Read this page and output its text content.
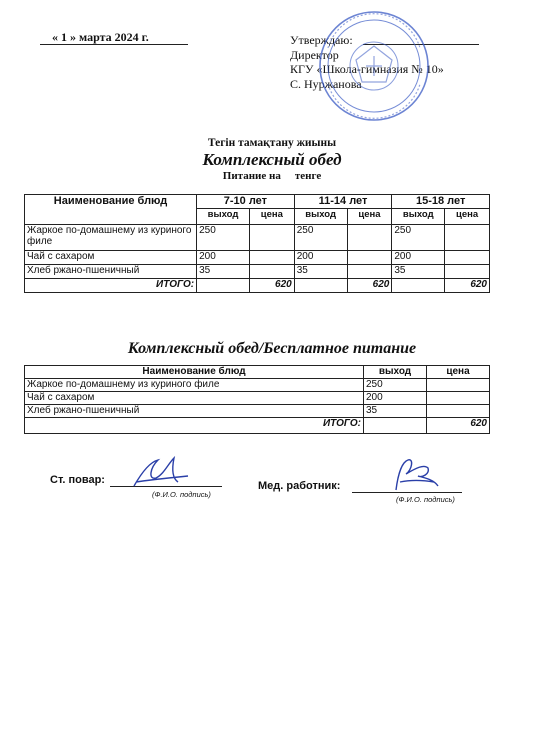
« 1 » марта 2024 г.	Утверждаю:
Директор
КГУ «Школа-гимназия № 10»
С. Нуржанова
Тегін тамақтану жиыны
Комплексный обед
Питание на тенге
Наименование блюд	7-10 лет		11-14 лет		15-18 лет	
	выход	цена	выход	цена	выход	цена
Жаркое по-домашнему из куриного филе	250		250		250	
Чай с сахаром	200		200		200	
Хлеб ржано-пшеничный	35		35		35	
ИТОГО:		620		620		620
Комплексный обед/Бесплатное питание
Наименование блюд	выход	цена
Жаркое по-домашнему из куриного филе	250	
Чай с сахаром	200	
Хлеб ржано-пшеничный	35	
ИТОГО:		620
Ст. повар:
(Ф.И.О. подпись)
Мед. работник:
(Ф.И.О. подпись)
